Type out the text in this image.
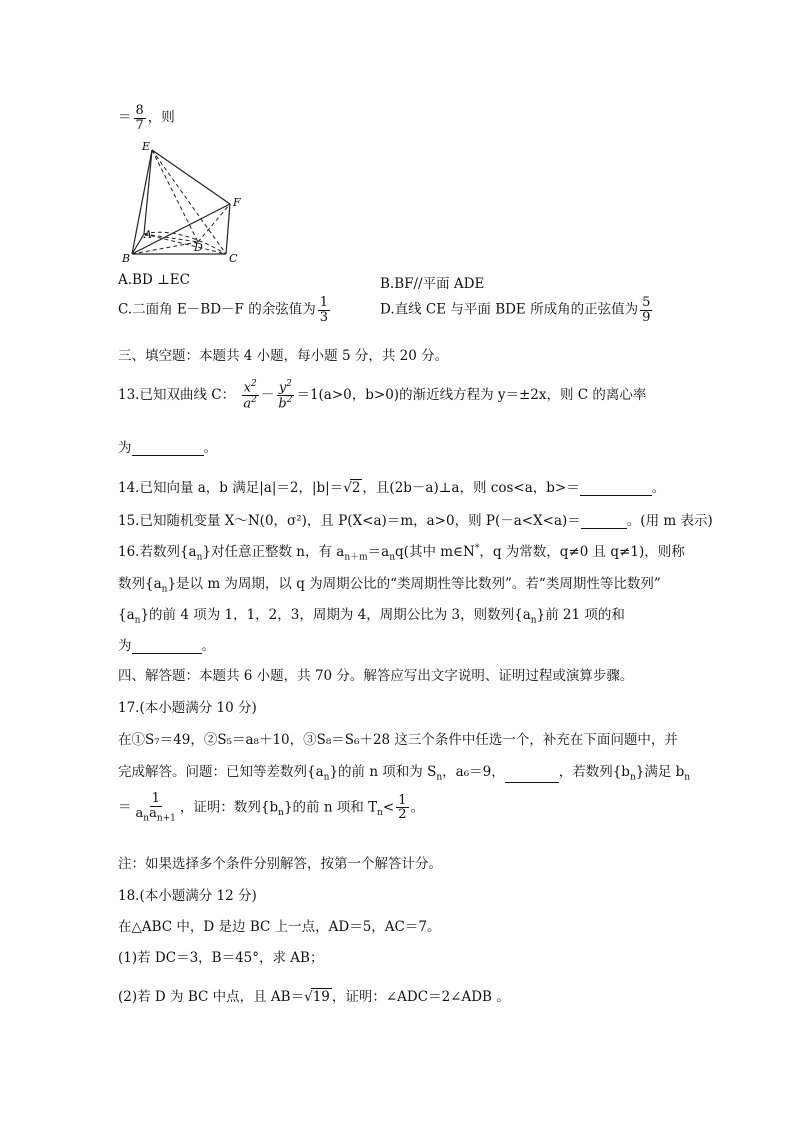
＝ $\frac{8}{7}$ ，则
E
F
A
D
B	C
A.BD ⊥EC	B.BF//平面 ADE
C.二面角 E－BD－F 的余弦值为 $\frac{1}{3}$	D.直线 CE 与平面 BDE 所成角的正弦值为 $\frac{5}{9}$
三、填空题：本题共 4 小题，每小题 5 分，共 20 分。
13.已知双曲线 C： $\frac{x^2}{a^2} - \frac{y^2}{b^2} =1(a>0$，b>0)的渐近线方程为 y＝±2x，则 C 的离心率
为	。
14.已知向量 a，b 满足|a|＝2，|b|＝√2 ，且(2b－a)⊥a，则 cos<a，b>＝	。
15.已知随机变量 X～N(0，σ²)，且 P(X<a)＝m，a>0，则 P(－a<X<a)＝	。(用 m 表示)
16.若数列$\{a_n\}$对任意正整数 n，有 $a_{n+m}=a_nq$(其中 m∈N*，q 为常数，q≠0 且 q≠1)，则称
数列$\{a_n\}$是以 m 为周期，以 q 为周期公比的“类周期性等比数列”。若“类周期性等比数列”
$\{a_n\}$的前 4 项为 1，1，2，3，周期为 4，周期公比为 3，则数列$\{a_n\}$前 21 项的和
为	。
四、解答题：本题共 6 小题，共 70 分。解答应写出文字说明、证明过程或演算步骤。
17.(本小题满分 10 分)
在①S₇＝49，②S₅＝a₈＋10，③S₈＝S₆＋28 这三个条件中任选一个，补充在下面问题中，并
完成解答。问题：已知等差数列$\{a_n\}$的前 n 项和为 $S_n$，a₆＝9，	，若数列$\{b_n\}$满足 $b_n$
＝ $\frac{1}{a_na_{n+1}}$ ，证明：数列$\{b_n\}$的前 n 项和 $T_n< \frac{1}{2}$ 。
注：如果选择多个条件分别解答，按第一个解答计分。
18.(本小题满分 12 分)
在△ABC 中，D 是边 BC 上一点，AD＝5，AC＝7。
(1)若 DC＝3，B＝45°，求 AB；
(2)若 D 为 BC 中点，且 AB＝√19 ，证明：∠ADC＝2∠ADB 。
